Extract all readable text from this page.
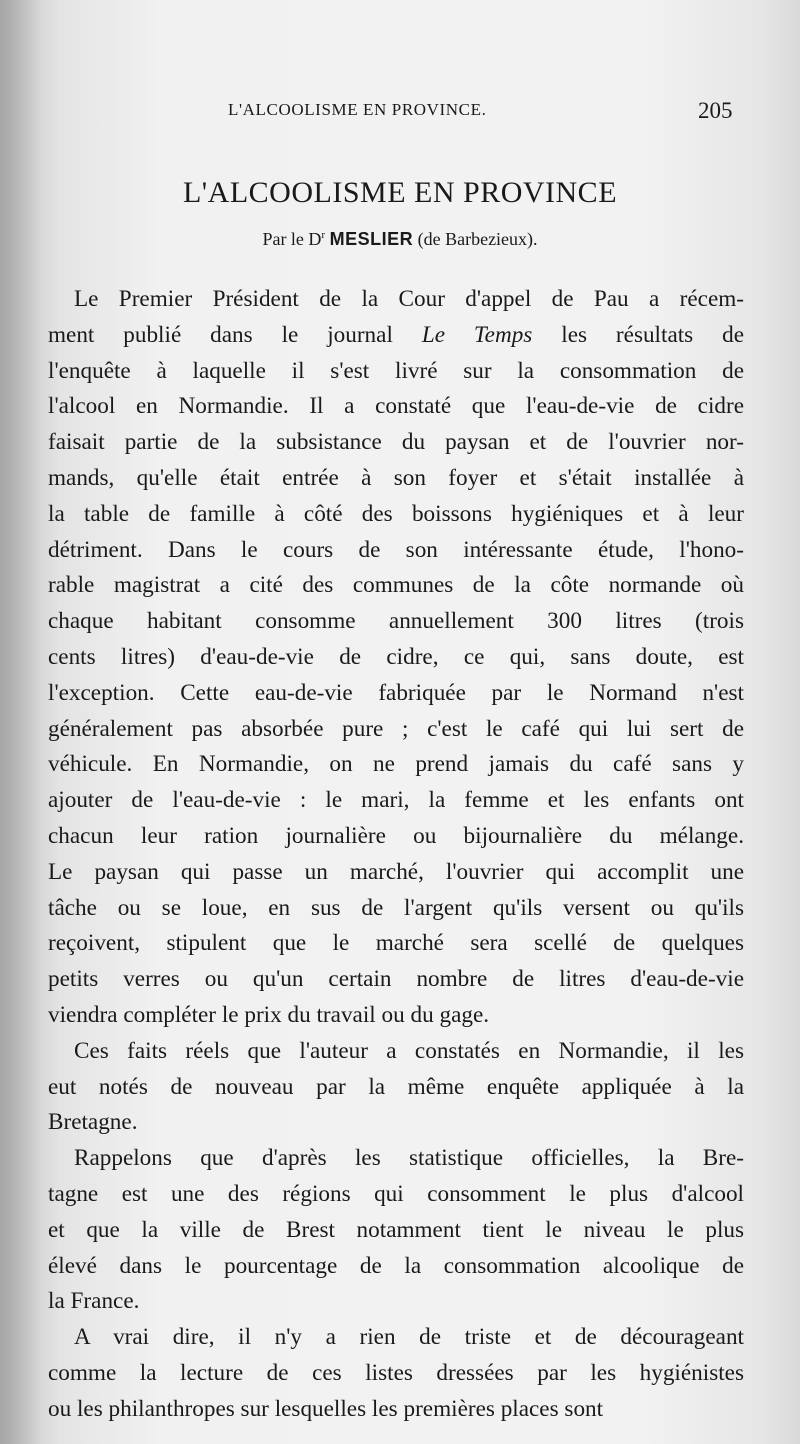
L'ALCOOLISME EN PROVINCE.	205
L'ALCOOLISME EN PROVINCE
Par le $D^r$ MESLIER (de Barbezieux).
Le Premier Président de la Cour d'appel de Pau a récem-
ment publié dans le journal Le Temps les résultats de
l'enquête à laquelle il s'est livré sur la consommation de
l'alcool en Normandie. Il a constaté que l'eau-de-vie de cidre
faisait partie de la subsistance du paysan et de l'ouvrier nor-
mands, qu'elle était entrée à son foyer et s'était installée à
la table de famille à côté des boissons hygiéniques et à leur
détriment. Dans le cours de son intéressante étude, l'hono-
rable magistrat a cité des communes de la côte normande où
chaque habitant consomme annuellement 300 litres (trois
cents litres) d'eau-de-vie de cidre, ce qui, sans doute, est
l'exception. Cette eau-de-vie fabriquée par le Normand n'est
généralement pas absorbée pure ; c'est le café qui lui sert de
véhicule. En Normandie, on ne prend jamais du café sans y
ajouter de l'eau-de-vie : le mari, la femme et les enfants ont
chacun leur ration journalière ou bijournalière du mélange.
Le paysan qui passe un marché, l'ouvrier qui accomplit une
tâche ou se loue, en sus de l'argent qu'ils versent ou qu'ils
reçoivent, stipulent que le marché sera scellé de quelques
petits verres ou qu'un certain nombre de litres d'eau-de-vie
viendra compléter le prix du travail ou du gage.
Ces faits réels que l'auteur a constatés en Normandie, il les
eut notés de nouveau par la même enquête appliquée à la
Bretagne.
Rappelons que d'après les statistique officielles, la Bre-
tagne est une des régions qui consomment le plus d'alcool
et que la ville de Brest notamment tient le niveau le plus
élevé dans le pourcentage de la consommation alcoolique de
la France.
A vrai dire, il n'y a rien de triste et de décourageant
comme la lecture de ces listes dressées par les hygiénistes
ou les philanthropes sur lesquelles les premières places sont
